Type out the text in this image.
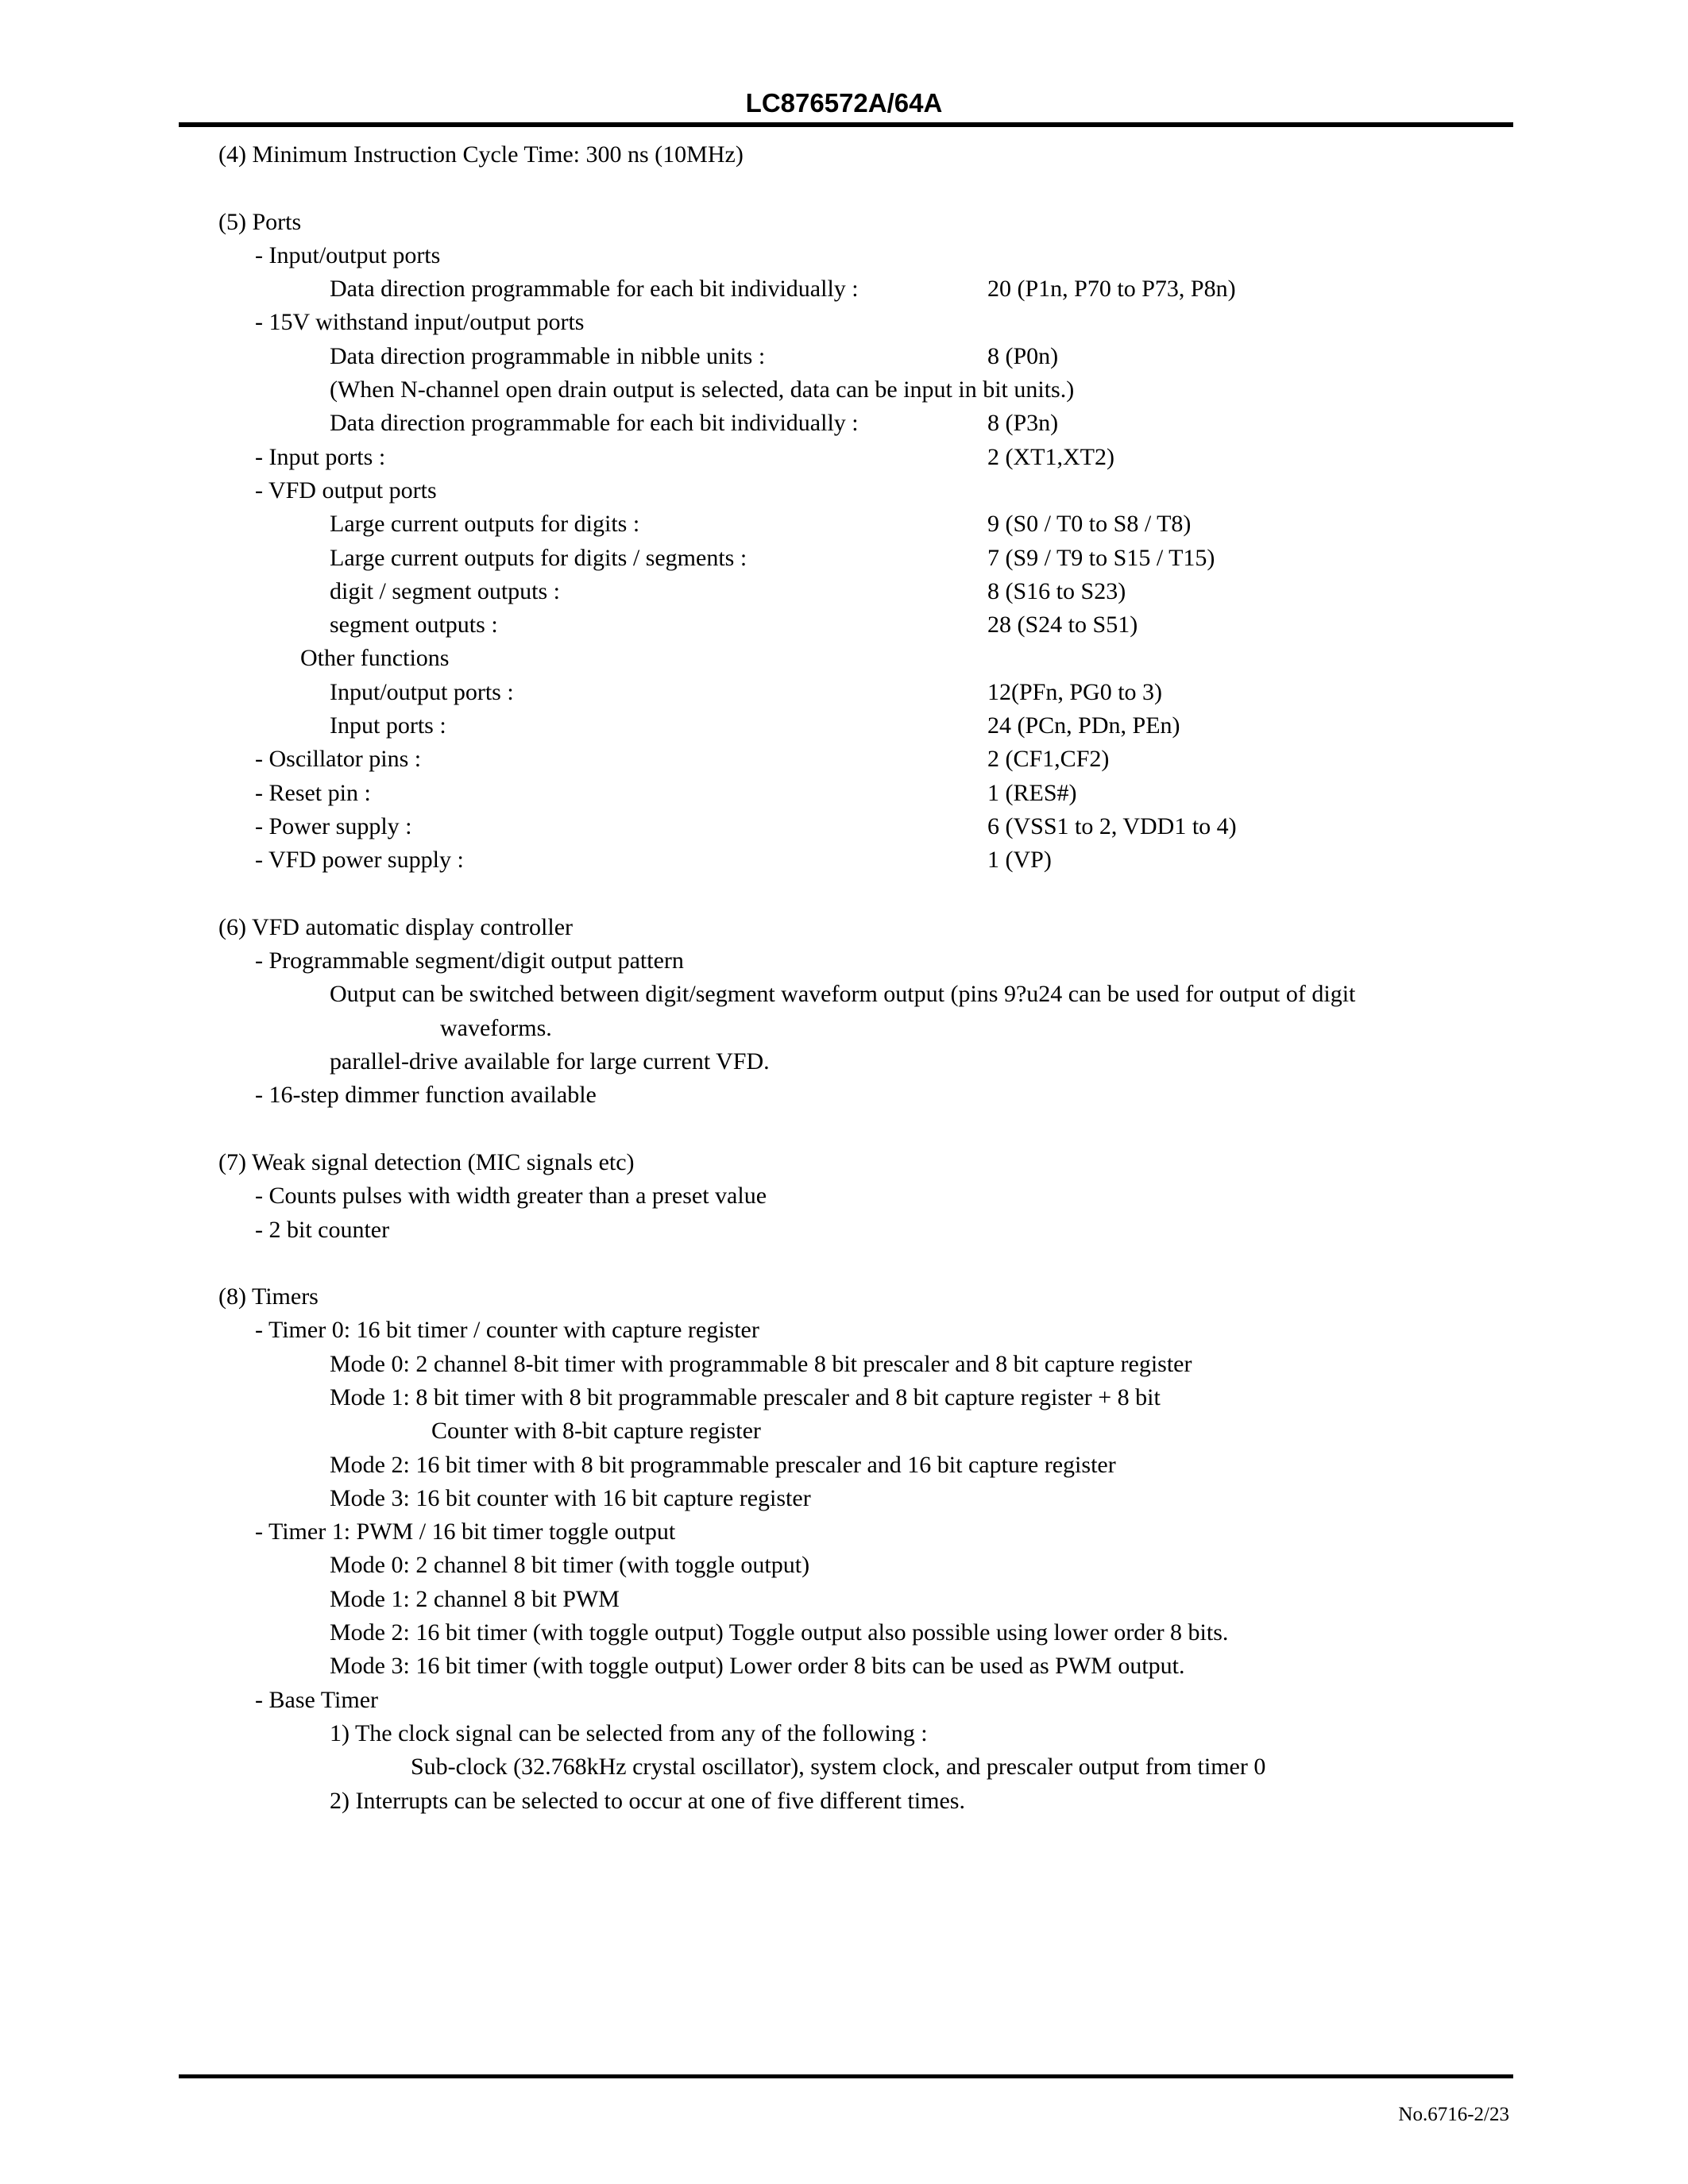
LC876572A/64A
(4) Minimum Instruction Cycle Time: 300 ns (10MHz)
(5) Ports
- Input/output ports
Data direction programmable for each bit individually :	20 (P1n, P70 to P73, P8n)
- 15V withstand input/output ports
Data direction programmable in nibble units :	8 (P0n)
(When N-channel open drain output is selected, data can be input in bit units.)
Data direction programmable for each bit individually :	8 (P3n)
- Input ports :	2 (XT1,XT2)
- VFD output ports
Large current outputs for digits :	9 (S0 / T0 to S8 / T8)
Large current outputs for digits / segments :	7 (S9 / T9 to S15 / T15)
digit / segment outputs :	8 (S16 to S23)
segment outputs :	28 (S24 to S51)
Other functions
Input/output ports :	12(PFn, PG0 to 3)
Input ports :	24 (PCn, PDn, PEn)
- Oscillator pins :	2 (CF1,CF2)
- Reset pin :	1 (RES#)
- Power supply :	6 (VSS1 to 2, VDD1 to 4)
- VFD power supply :	1 (VP)
(6) VFD automatic display controller
- Programmable segment/digit output pattern
Output can be switched between digit/segment waveform output (pins 9?u24 can be used for output of digit
waveforms.
parallel-drive available for large current VFD.
- 16-step dimmer function available
(7) Weak signal detection (MIC signals etc)
- Counts pulses with width greater than a preset value
- 2 bit counter
(8) Timers
- Timer 0: 16 bit timer / counter with capture register
Mode 0: 2 channel 8-bit timer with programmable 8 bit prescaler and 8 bit capture register
Mode 1: 8 bit timer with 8 bit programmable prescaler and 8 bit capture register + 8 bit
Counter with 8-bit capture register
Mode 2: 16 bit timer with 8 bit programmable prescaler and 16 bit capture register
Mode 3: 16 bit counter with 16 bit capture register
- Timer 1: PWM / 16 bit timer toggle output
Mode 0: 2 channel 8 bit timer (with toggle output)
Mode 1: 2 channel 8 bit PWM
Mode 2: 16 bit timer (with toggle output) Toggle output also possible using lower order 8 bits.
Mode 3: 16 bit timer (with toggle output) Lower order 8 bits can be used as PWM output.
- Base Timer
1) The clock signal can be selected from any of the following :
Sub-clock (32.768kHz crystal oscillator), system clock, and prescaler output from timer 0
2) Interrupts can be selected to occur at one of five different times.
No.6716-2/23
